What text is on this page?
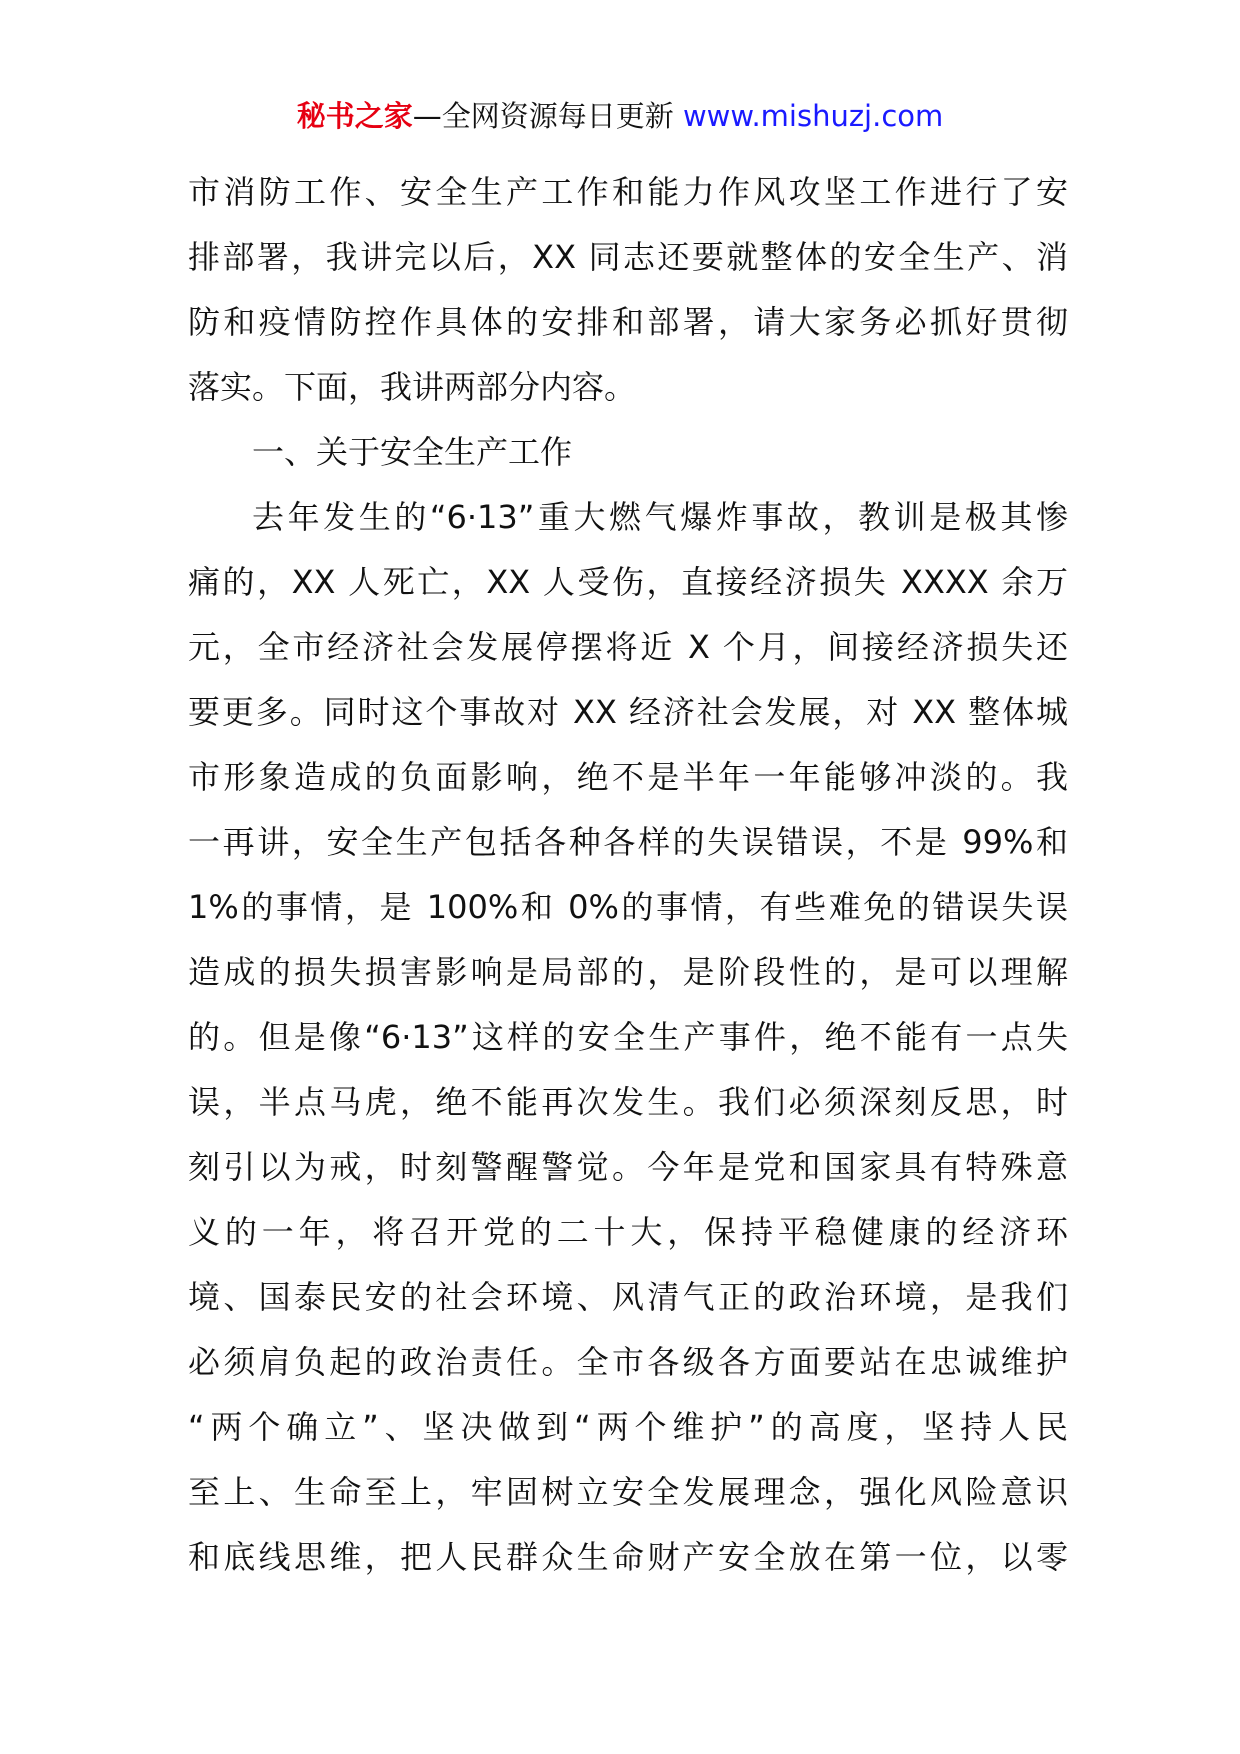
秘书之家—全网资源每日更新 www.mishuzj.com
市消防工作、安全生产工作和能力作风攻坚工作进行了安
排部署，我讲完以后，XX 同志还要就整体的安全生产、消
防和疫情防控作具体的安排和部署，请大家务必抓好贯彻
落实。下面，我讲两部分内容。
一、关于安全生产工作
去年发生的“6·13”重大燃气爆炸事故，教训是极其惨
痛的，XX 人死亡，XX 人受伤，直接经济损失 XXXX 余万
元，全市经济社会发展停摆将近 X 个月，间接经济损失还
要更多。同时这个事故对 XX 经济社会发展，对 XX 整体城
市形象造成的负面影响，绝不是半年一年能够冲淡的。我
一再讲，安全生产包括各种各样的失误错误，不是 99%和
1%的事情，是 100%和 0%的事情，有些难免的错误失误
造成的损失损害影响是局部的，是阶段性的，是可以理解
的。但是像“6·13”这样的安全生产事件，绝不能有一点失
误，半点马虎，绝不能再次发生。我们必须深刻反思，时
刻引以为戒，时刻警醒警觉。今年是党和国家具有特殊意
义的一年，将召开党的二十大，保持平稳健康的经济环
境、国泰民安的社会环境、风清气正的政治环境，是我们
必须肩负起的政治责任。全市各级各方面要站在忠诚维护
“两个确立”、坚决做到“两个维护”的高度，坚持人民
至上、生命至上，牢固树立安全发展理念，强化风险意识
和底线思维，把人民群众生命财产安全放在第一位，以零
